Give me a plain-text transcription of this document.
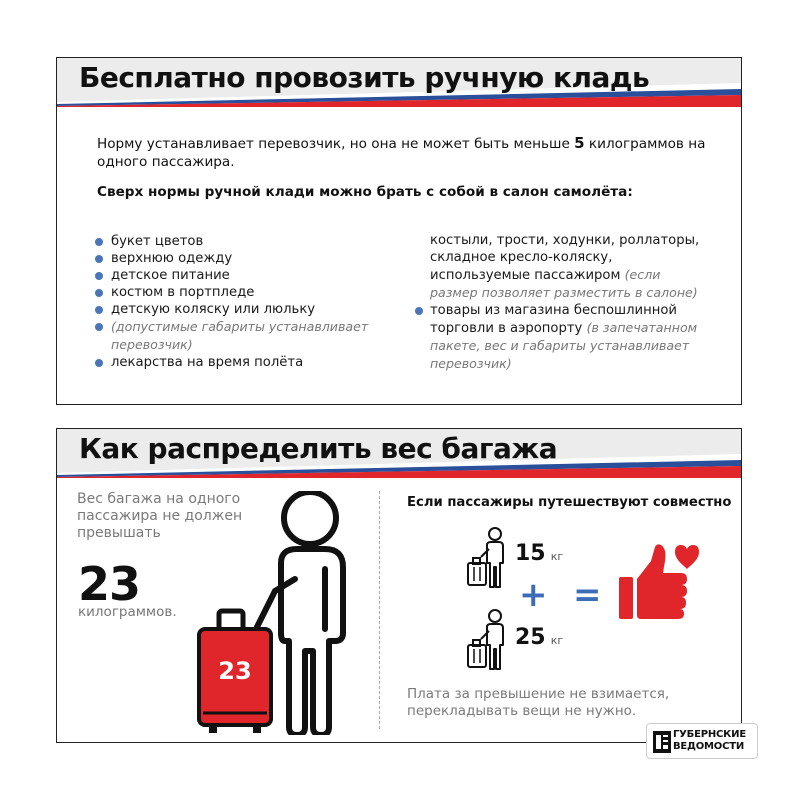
Бесплатно провозить ручную кладь
Норму устанавливает перевозчик, но она не может быть меньше 5 килограммов на одного пассажира.
Сверх нормы ручной клади можно брать с собой в салон самолёта:
букет цветов
верхнюю одежду
детское питание
костюм в портпледе
детскую коляску или люльку
(допустимые габариты устанавливает перевозчик)
лекарства на время полёта

костыли, трости, ходунки, роллаторы, складное кресло-коляску, используемые пассажиром (если размер позволяет разместить в салоне)

товары из магазина беспошлинной торговли в аэропорту (в запечатанном пакете, вес и габариты устанавливает перевозчик)

Как распределить вес багажа
Вес багажа на одного пассажира не должен превышать
23
килограммов.
23
Если пассажиры путешествуют совместно
15 кг
+ =
25 кг
Плата за превышение не взимается, перекладывать вещи не нужно.
ГУБЕРНСКИЕ
ВЕДОМОСТИ
